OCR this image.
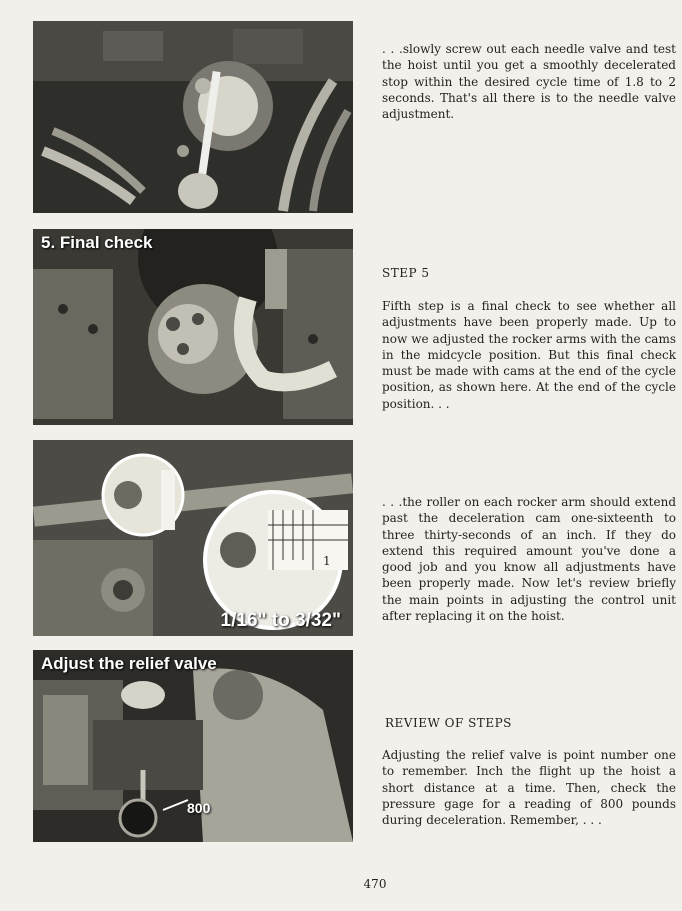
5. Final check
1
1/16" to 3/32"
Adjust the relief valve
800
. . .slowly screw out each needle valve and test the hoist until you get a smoothly decelerated stop within the desired cycle time of 1.8 to 2 seconds. That's all there is to the needle valve adjustment.
STEP 5
Fifth step is a final check to see whether all adjustments have been properly made. Up to now we adjusted the rocker arms with the cams in the midcycle position. But this final check must be made with cams at the end of the cycle position, as shown here. At the end of the cycle position. . .
. . .the roller on each rocker arm should extend past the deceleration cam one-sixteenth to three thirty-seconds of an inch. If they do extend this required amount you've done a good job and you know all adjustments have been properly made. Now let's review briefly the main points in adjusting the control unit after replacing it on the hoist.
REVIEW OF STEPS
Adjusting the relief valve is point number one to remember. Inch the flight up the hoist a short distance at a time. Then, check the pressure gage for a reading of 800 pounds during deceleration. Remember, . . .
470
